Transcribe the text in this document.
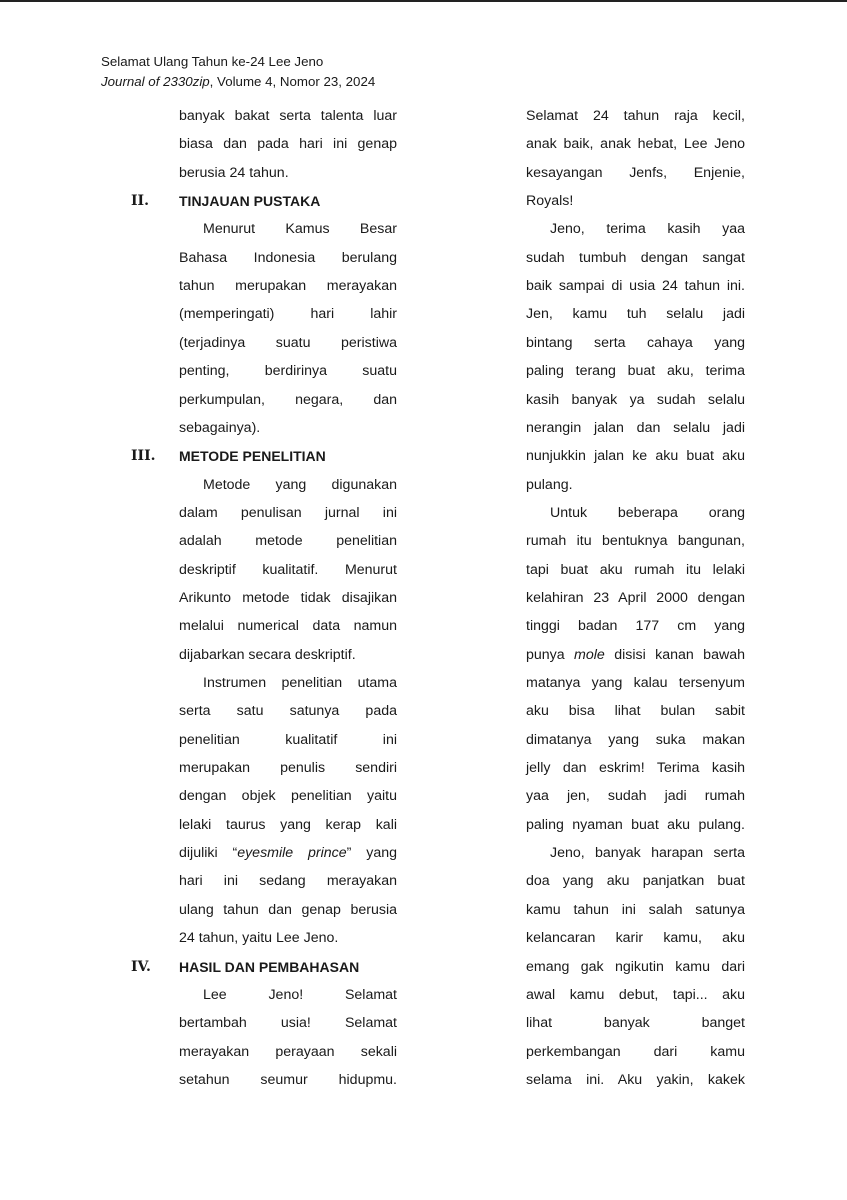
Selamat Ulang Tahun ke-24 Lee Jeno
Journal of 2330zip, Volume 4, Nomor 23, 2024
banyak bakat serta talenta luar
biasa dan pada hari ini genap
berusia 24 tahun.
II. TINJAUAN PUSTAKA
Menurut Kamus Besar
Bahasa Indonesia berulang
tahun merupakan merayakan
(memperingati) hari lahir
(terjadinya suatu peristiwa
penting, berdirinya suatu
perkumpulan, negara, dan
sebagainya).
III. METODE PENELITIAN
Metode yang digunakan
dalam penulisan jurnal ini
adalah metode penelitian
deskriptif kualitatif. Menurut
Arikunto metode tidak disajikan
melalui numerical data namun
dijabarkan secara deskriptif.
Instrumen penelitian utama
serta satu satunya pada
penelitian kualitatif ini
merupakan penulis sendiri
dengan objek penelitian yaitu
lelaki taurus yang kerap kali
dijuliki “eyesmile prince” yang
hari ini sedang merayakan
ulang tahun dan genap berusia
24 tahun, yaitu Lee Jeno.
IV. HASIL DAN PEMBAHASAN
Lee Jeno! Selamat
bertambah usia! Selamat
merayakan perayaan sekali
setahun seumur hidupmu.
Selamat 24 tahun raja kecil,
anak baik, anak hebat, Lee Jeno
kesayangan Jenfs, Enjenie,
Royals!
Jeno, terima kasih yaa
sudah tumbuh dengan sangat
baik sampai di usia 24 tahun ini.
Jen, kamu tuh selalu jadi
bintang serta cahaya yang
paling terang buat aku, terima
kasih banyak ya sudah selalu
nerangin jalan dan selalu jadi
nunjukkin jalan ke aku buat aku
pulang.
Untuk beberapa orang
rumah itu bentuknya bangunan,
tapi buat aku rumah itu lelaki
kelahiran 23 April 2000 dengan
tinggi badan 177 cm yang
punya mole disisi kanan bawah
matanya yang kalau tersenyum
aku bisa lihat bulan sabit
dimatanya yang suka makan
jelly dan eskrim! Terima kasih
yaa jen, sudah jadi rumah
paling nyaman buat aku pulang.
Jeno, banyak harapan serta
doa yang aku panjatkan buat
kamu tahun ini salah satunya
kelancaran karir kamu, aku
emang gak ngikutin kamu dari
awal kamu debut, tapi... aku
lihat banyak banget
perkembangan dari kamu
selama ini. Aku yakin, kakek
